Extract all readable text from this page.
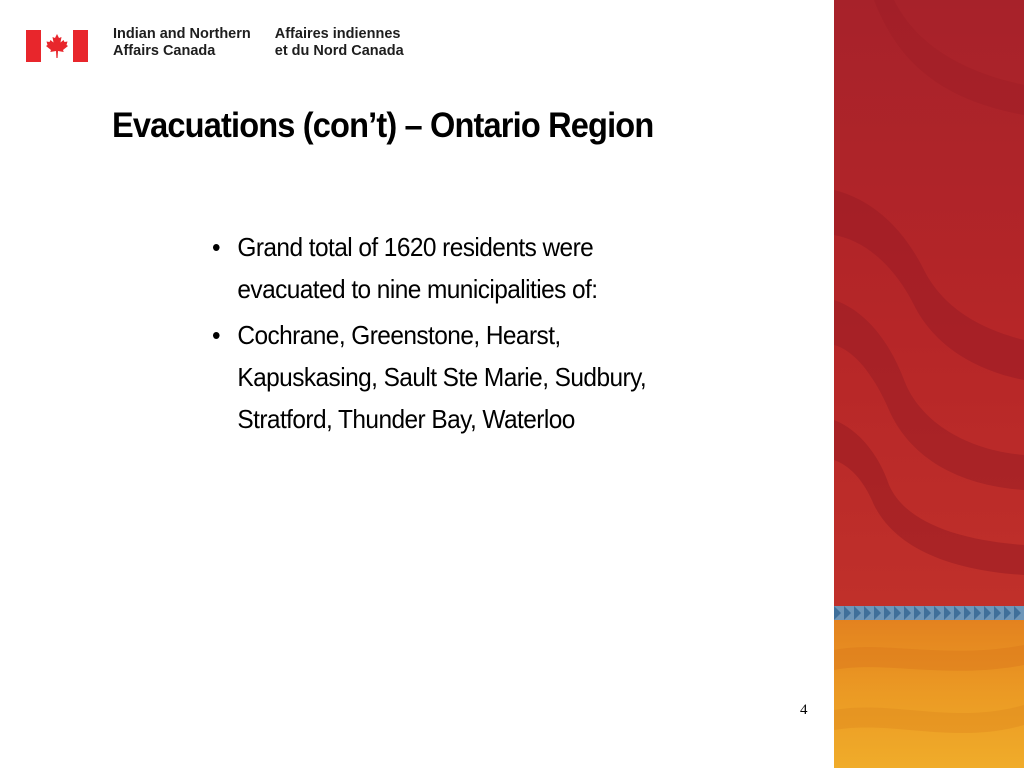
Indian and Northern
Affairs Canada
Affaires indiennes
et du Nord Canada
Evacuations (con’t) – Ontario Region
• Grand total of 1620 residents were
evacuated to nine municipalities of:
• Cochrane, Greenstone, Hearst,
Kapuskasing, Sault Ste Marie, Sudbury,
Stratford, Thunder Bay, Waterloo
4
